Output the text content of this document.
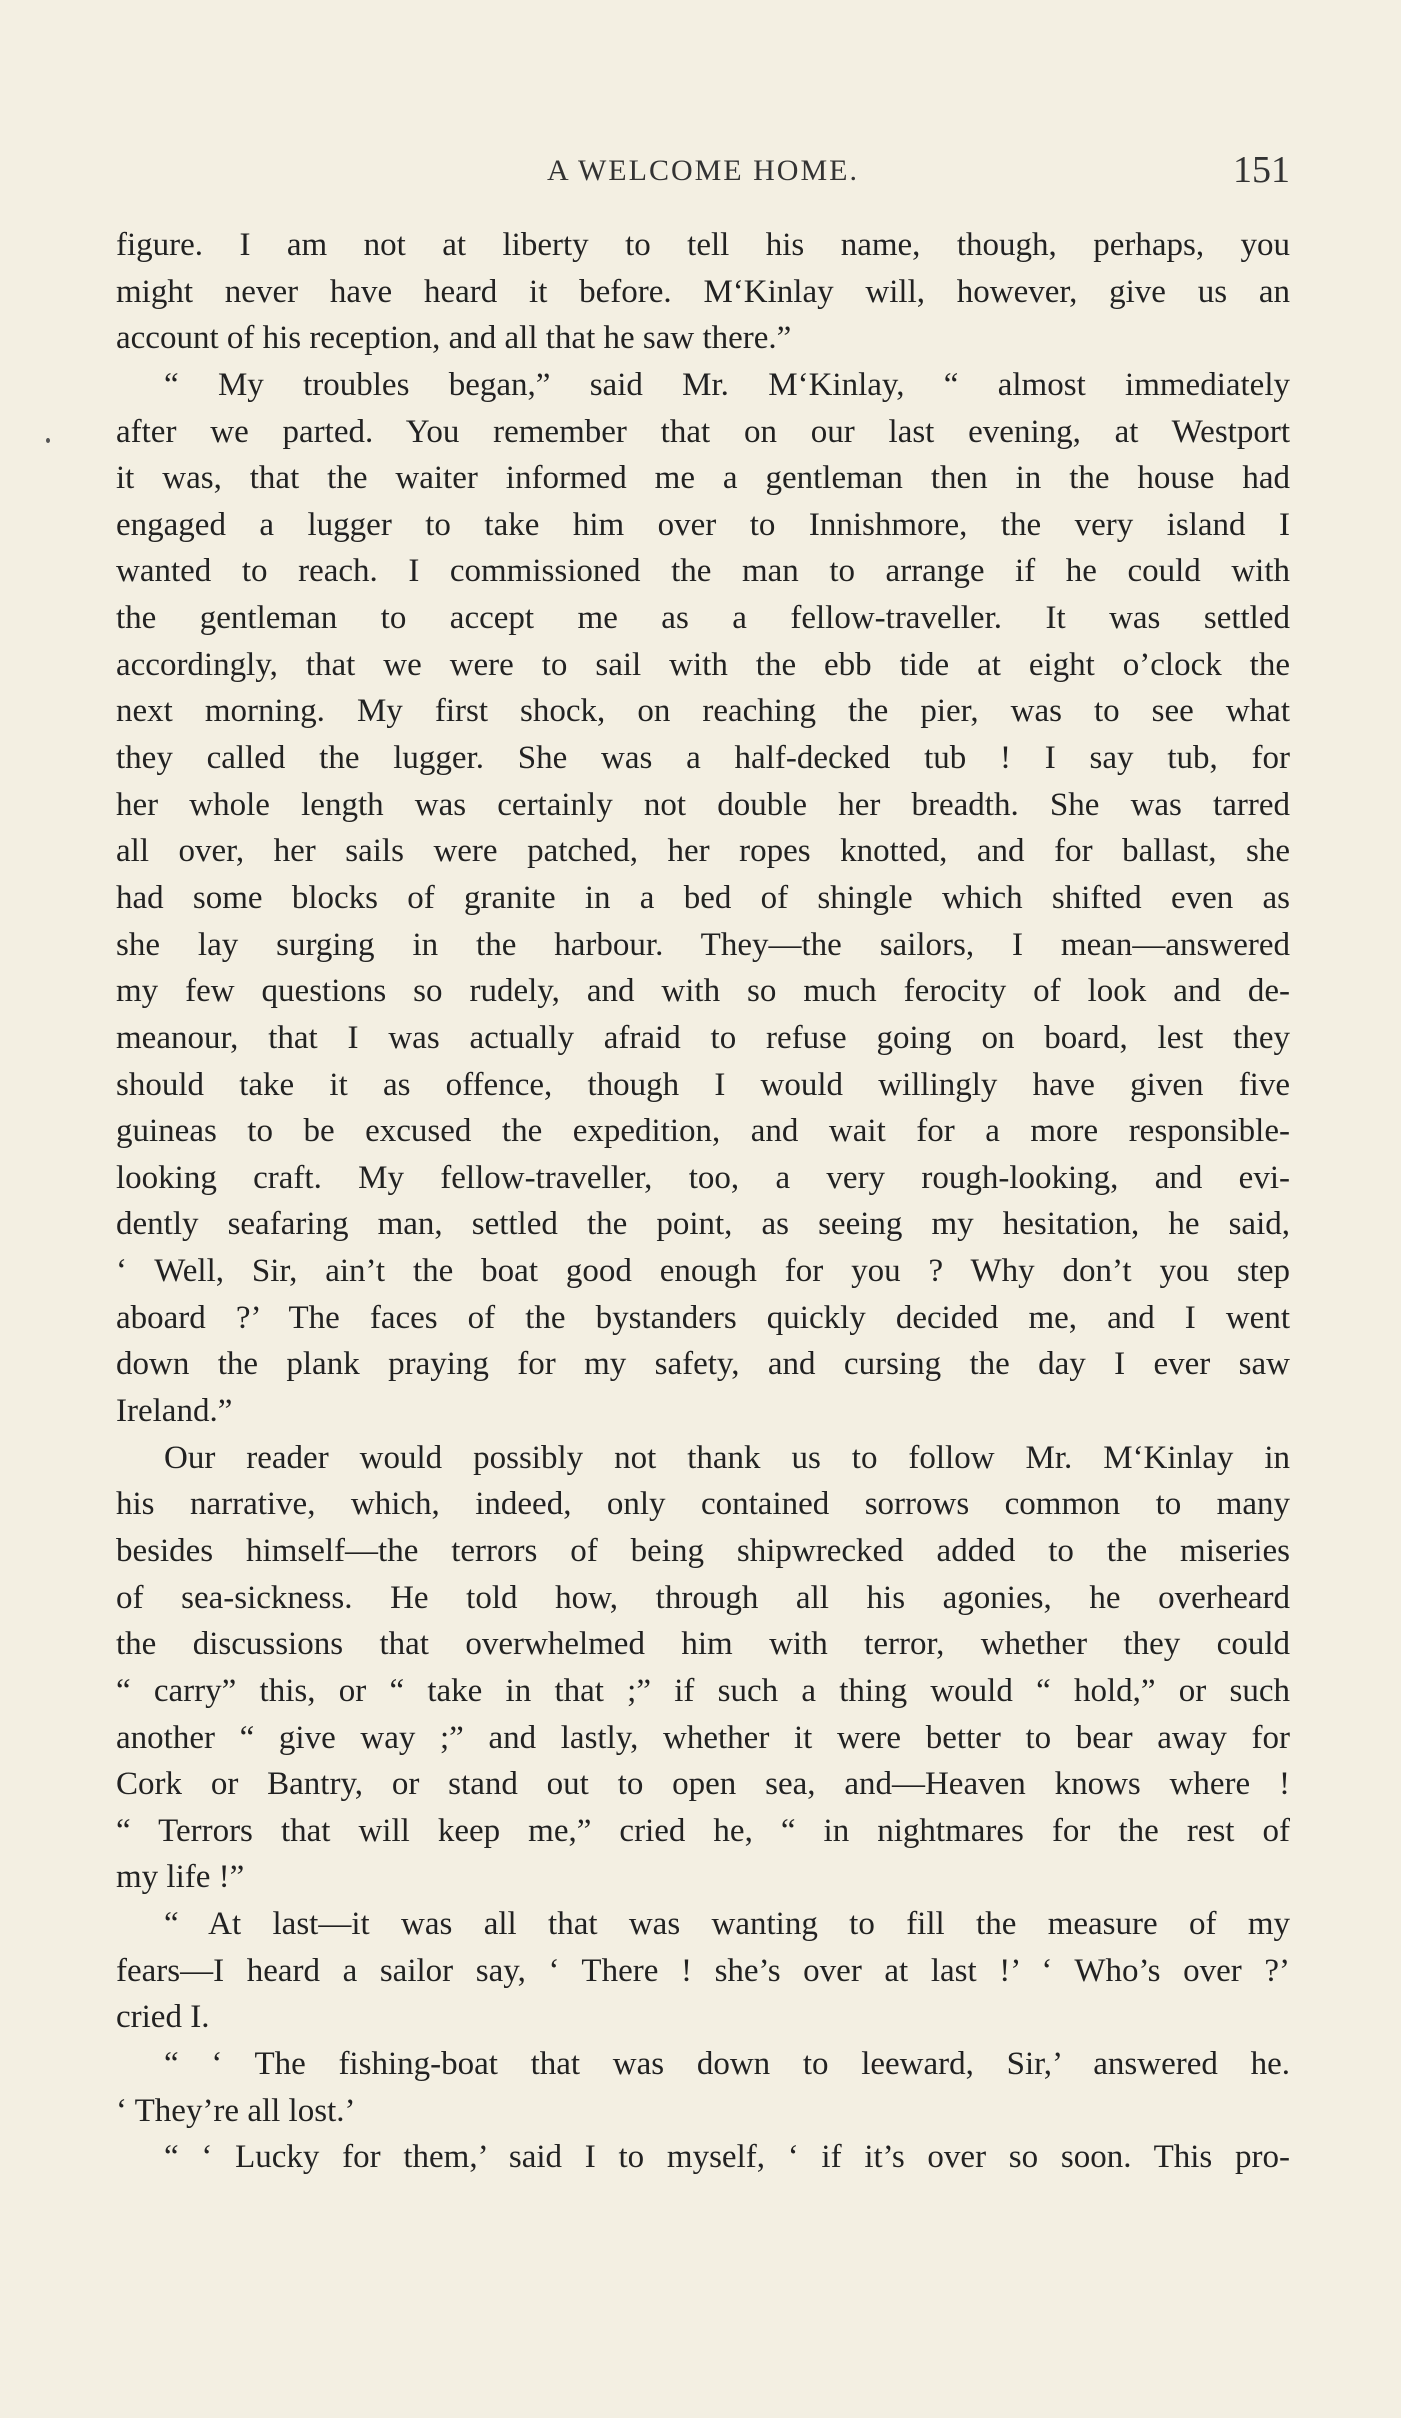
A WELCOME HOME.	151
figure. I am not at liberty to tell his name, though, perhaps, you
might never have heard it before. M‘Kinlay will, however, give us an
account of his reception, and all that he saw there.”
“ My troubles began,” said Mr. M‘Kinlay, “ almost immediately
after we parted. You remember that on our last evening, at Westport
it was, that the waiter informed me a gentleman then in the house had
engaged a lugger to take him over to Innishmore, the very island I
wanted to reach. I commissioned the man to arrange if he could with
the gentleman to accept me as a fellow-traveller. It was settled
accordingly, that we were to sail with the ebb tide at eight o’clock the
next morning. My first shock, on reaching the pier, was to see what
they called the lugger. She was a half-decked tub ! I say tub, for
her whole length was certainly not double her breadth. She was tarred
all over, her sails were patched, her ropes knotted, and for ballast, she
had some blocks of granite in a bed of shingle which shifted even as
she lay surging in the harbour. They—the sailors, I mean—answered
my few questions so rudely, and with so much ferocity of look and de-
meanour, that I was actually afraid to refuse going on board, lest they
should take it as offence, though I would willingly have given five
guineas to be excused the expedition, and wait for a more responsible-
looking craft. My fellow-traveller, too, a very rough-looking, and evi-
dently seafaring man, settled the point, as seeing my hesitation, he said,
‘ Well, Sir, ain’t the boat good enough for you ? Why don’t you step
aboard ?’ The faces of the bystanders quickly decided me, and I went
down the plank praying for my safety, and cursing the day I ever saw
Ireland.”
Our reader would possibly not thank us to follow Mr. M‘Kinlay in
his narrative, which, indeed, only contained sorrows common to many
besides himself—the terrors of being shipwrecked added to the miseries
of sea-sickness. He told how, through all his agonies, he overheard
the discussions that overwhelmed him with terror, whether they could
“ carry” this, or “ take in that ;” if such a thing would “ hold,” or such
another “ give way ;” and lastly, whether it were better to bear away for
Cork or Bantry, or stand out to open sea, and—Heaven knows where !
“ Terrors that will keep me,” cried he, “ in nightmares for the rest of
my life !”
“ At last—it was all that was wanting to fill the measure of my
fears—I heard a sailor say, ‘ There ! she’s over at last !’ ‘ Who’s over ?’
cried I.
“ ‘ The fishing-boat that was down to leeward, Sir,’ answered he.
‘ They’re all lost.’
“ ‘ Lucky for them,’ said I to myself, ‘ if it’s over so soon. This pro-
